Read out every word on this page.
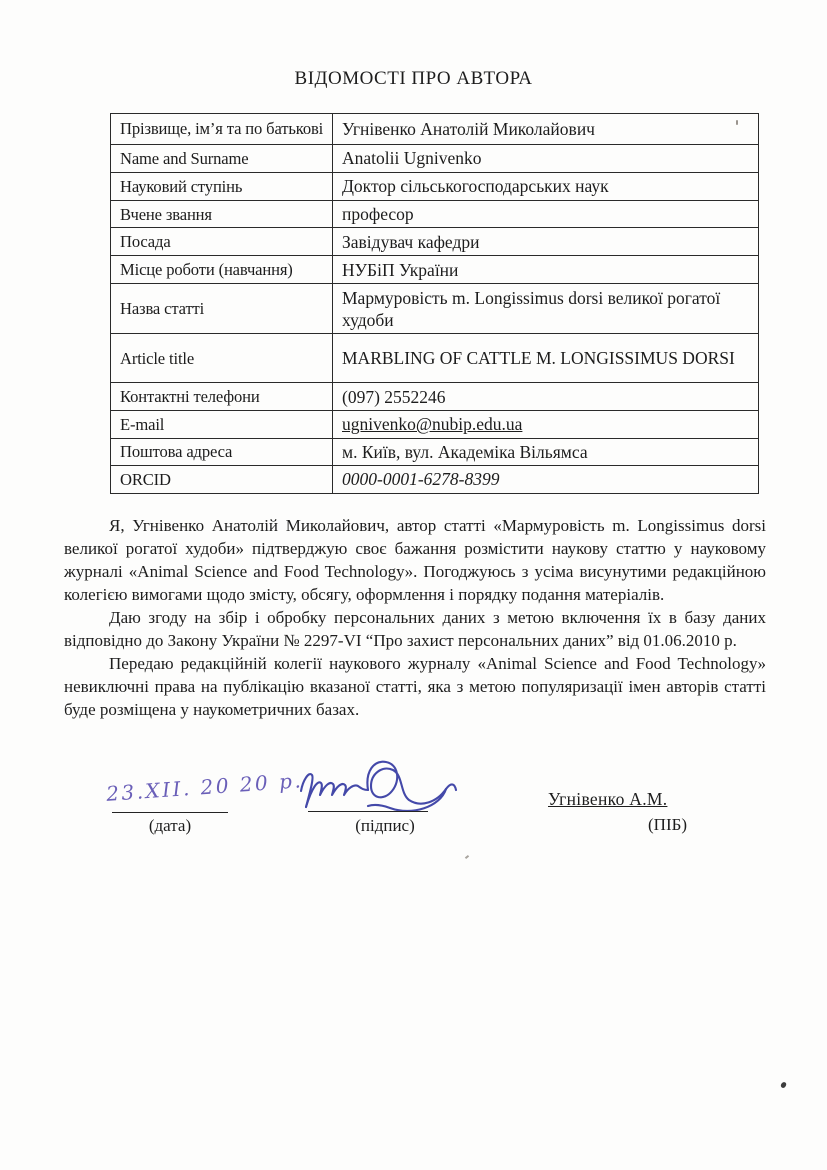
ВІДОМОСТІ ПРО АВТОРА
Прізвище, ім’я та по батькові	Угнівенко Анатолій Миколайович
Name and Surname	Anatolii Ugnivenko
Науковий ступінь	Доктор сільськогосподарських наук
Вчене звання	професор
Посада	Завідувач кафедри
Місце роботи (навчання)	НУБіП України
Назва статті	Мармуровість m. Longissimus dorsi великої рогатої худоби
Article title	MARBLING OF CATTLE M. LONGISSIMUS DORSI
Контактні телефони	(097) 2552246
E-mail	ugnivenko@nubip.edu.ua
Поштова адреса	м. Київ, вул. Академіка Вільямса
ORCID	0000-0001-6278-8399

Я, Угнівенко Анатолій Миколайович, автор статті «Мармуровість m. Longissimus dorsi великої рогатої худоби» підтверджую своє бажання розмістити наукову статтю у науковому журналі «Animal Science and Food Technology». Погоджуюсь з усіма висунутими редакційною колегією вимогами щодо змісту, обсягу, оформлення і порядку подання матеріалів.

Даю згоду на збір і обробку персональних даних з метою включення їх в базу даних відповідно до Закону України № 2297-VI “Про захист персональних даних” від 01.06.2010 р.

Передаю редакційній колегії наукового журналу «Animal Science and Food Technology» невиключні права на публікацію вказаної статті, яка з метою популяризації імен авторів статті буде розміщена у наукометричних базах.

23.ХІІ. 20 20 р.
(дата)	(підпис)
Угнівенко А.М.
(ПІБ)
